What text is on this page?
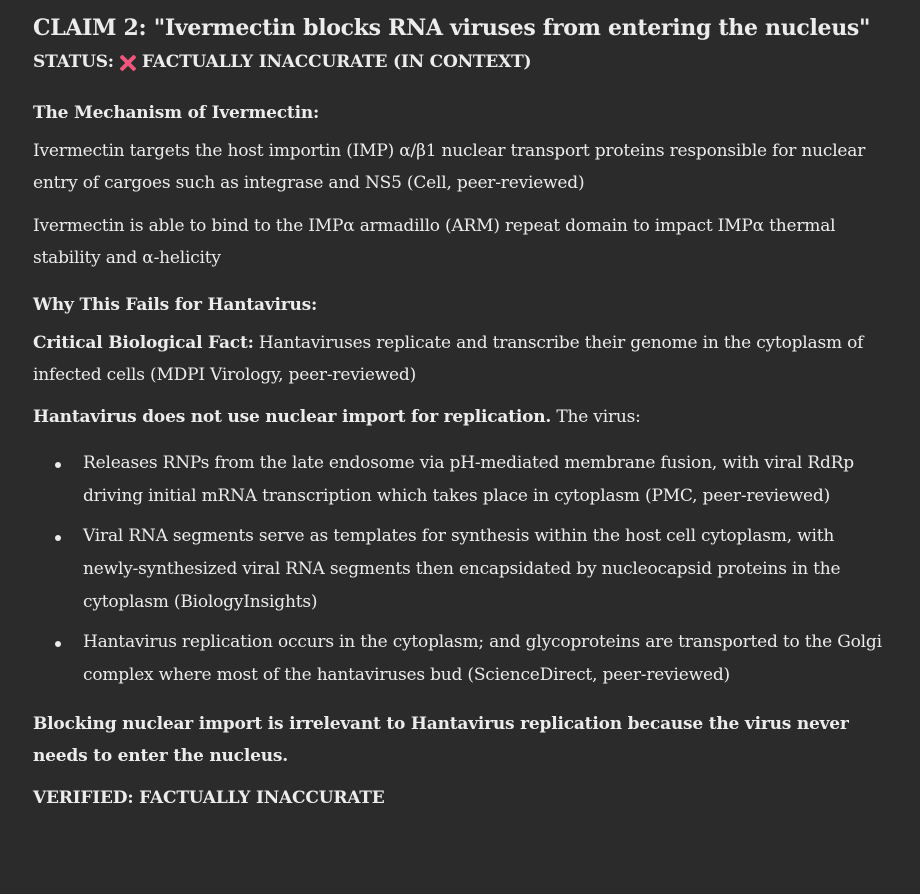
CLAIM 2: "Ivermectin blocks RNA viruses from entering the nucleus"
STATUS: FACTUALLY INACCURATE (IN CONTEXT)
The Mechanism of Ivermectin:

Ivermectin targets the host importin (IMP) α/β1 nuclear transport proteins responsible for nuclear entry of cargoes such as integrase and NS5 (Cell, peer-reviewed)

Ivermectin is able to bind to the IMPα armadillo (ARM) repeat domain to impact IMPα thermal stability and α-helicity

Why This Fails for Hantavirus:

Critical Biological Fact: Hantaviruses replicate and transcribe their genome in the cytoplasm of infected cells (MDPI Virology, peer-reviewed)

Hantavirus does not use nuclear import for replication. The virus:

Releases RNPs from the late endosome via pH-mediated membrane fusion, with viral RdRp driving initial mRNA transcription which takes place in cytoplasm (PMC, peer-reviewed)
Viral RNA segments serve as templates for synthesis within the host cell cytoplasm, with newly-synthesized viral RNA segments then encapsidated by nucleocapsid proteins in the cytoplasm (BiologyInsights)
Hantavirus replication occurs in the cytoplasm; and glycoproteins are transported to the Golgi complex where most of the hantaviruses bud (ScienceDirect, peer-reviewed)

Blocking nuclear import is irrelevant to Hantavirus replication because the virus never needs to enter the nucleus.

VERIFIED: FACTUALLY INACCURATE
